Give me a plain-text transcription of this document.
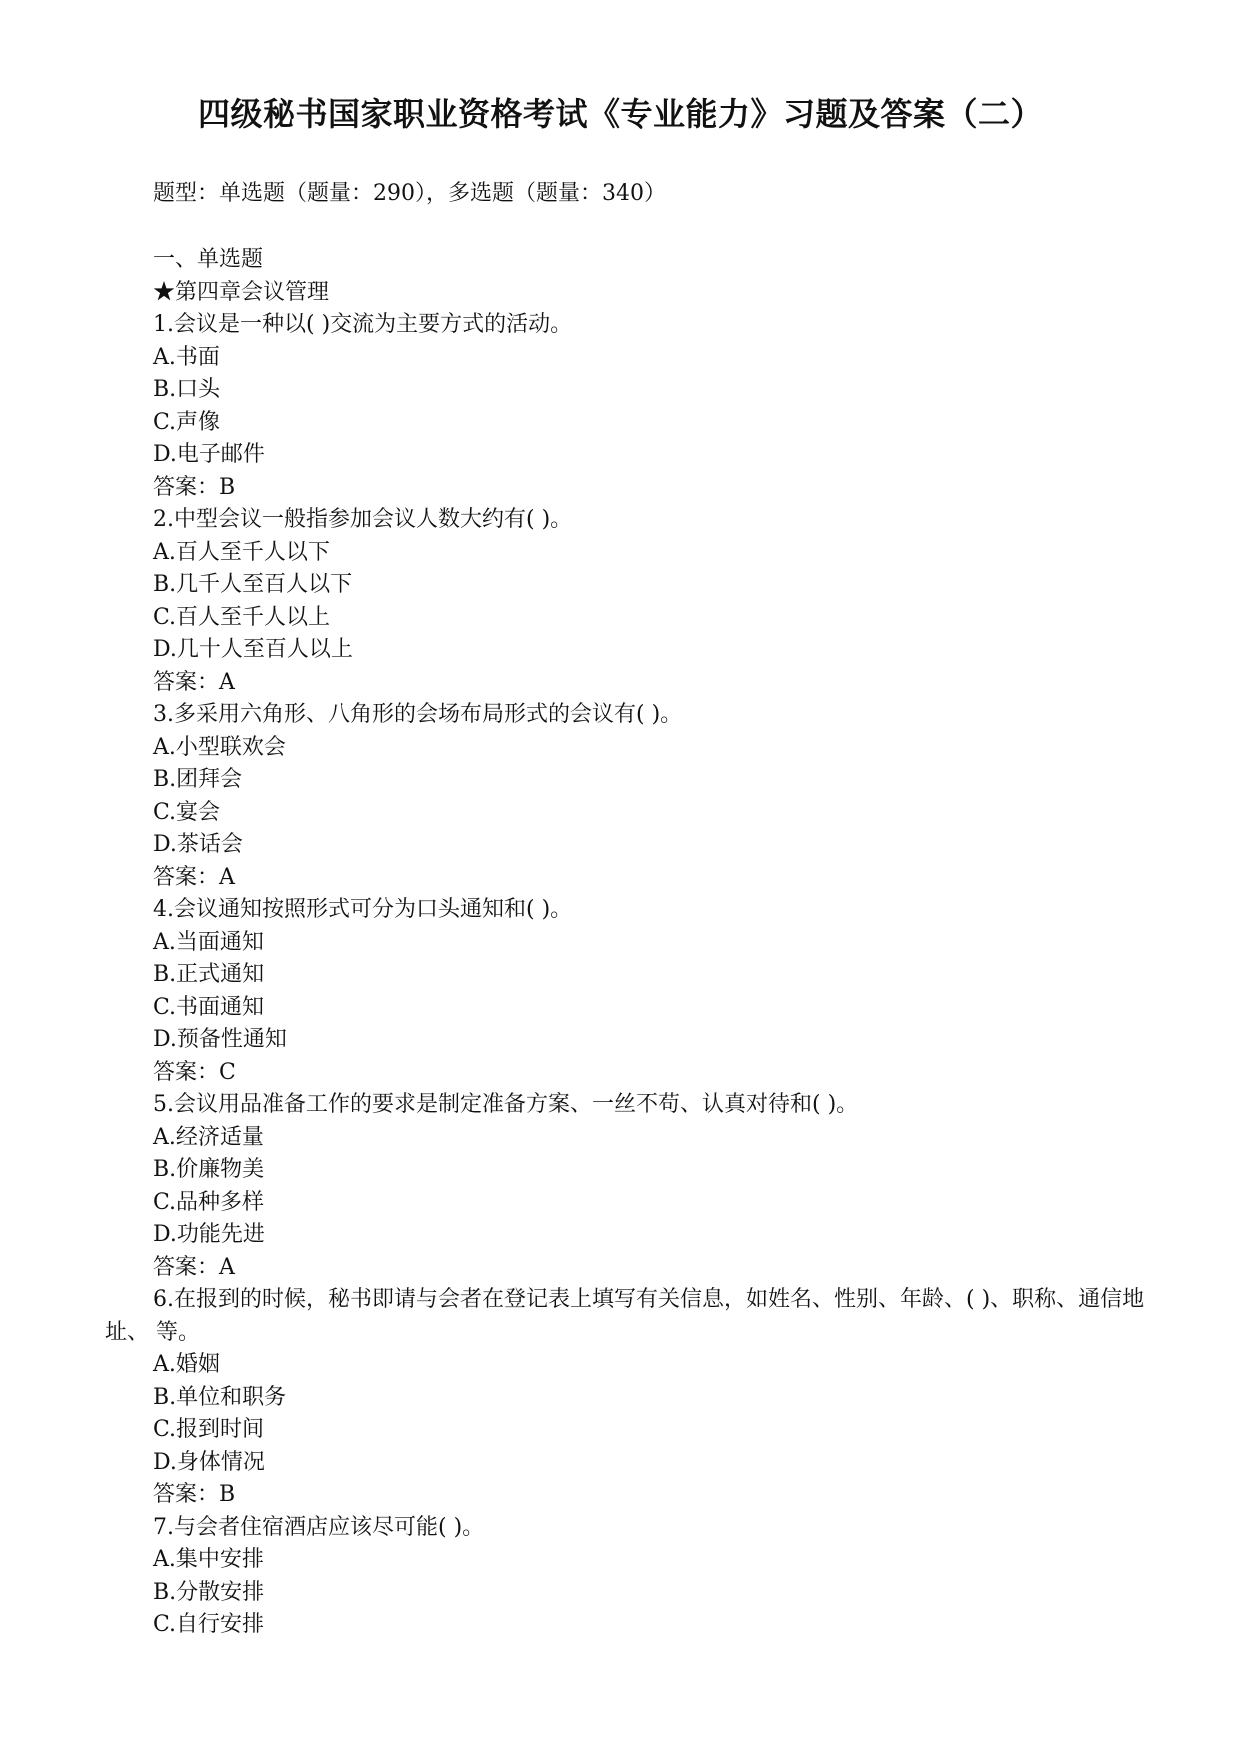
四级秘书国家职业资格考试《专业能力》习题及答案（二）

题型：单选题（题量：290），多选题（题量：340）

一、单选题
★第四章会议管理
1.会议是一种以( )交流为主要方式的活动。
A.书面
B.口头
C.声像
D.电子邮件
答案：B
2.中型会议一般指参加会议人数大约有( )。
A.百人至千人以下
B.几千人至百人以下
C.百人至千人以上
D.几十人至百人以上
答案：A
3.多采用六角形、八角形的会场布局形式的会议有( )。
A.小型联欢会
B.团拜会
C.宴会
D.茶话会
答案：A
4.会议通知按照形式可分为口头通知和( )。
A.当面通知
B.正式通知
C.书面通知
D.预备性通知
答案：C
5.会议用品准备工作的要求是制定准备方案、一丝不苟、认真对待和( )。
A.经济适量
B.价廉物美
C.品种多样
D.功能先进
答案：A
6.在报到的时候，秘书即请与会者在登记表上填写有关信息，如姓名、性别、年龄、( )、职称、通信地址、 等。
A.婚姻
B.单位和职务
C.报到时间
D.身体情况
答案：B
7.与会者住宿酒店应该尽可能( )。
A.集中安排
B.分散安排
C.自行安排
